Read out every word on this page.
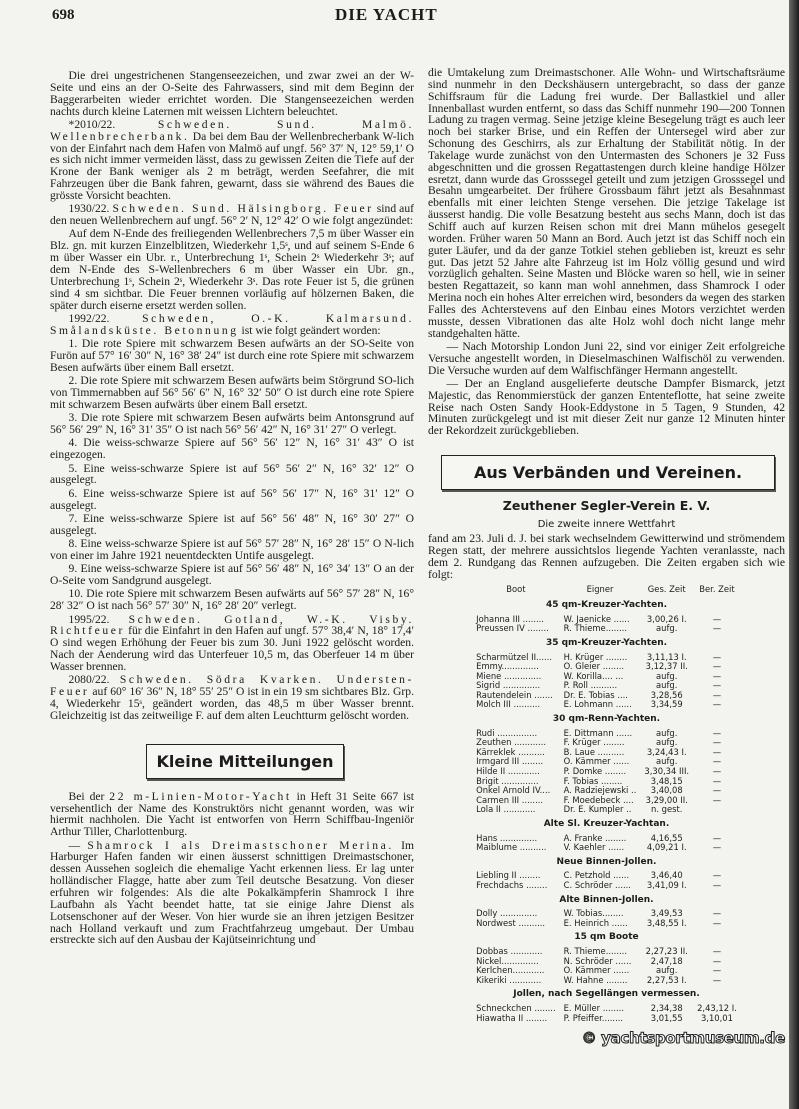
698	DIE YACHT

Die drei ungestrichenen Stangenseezeichen, und zwar zwei an der W-Seite und eins an der O-Seite des Fahrwassers, sind mit dem Beginn der Baggerarbeiten wieder errichtet worden. Die Stangenseezeichen werden nachts durch kleine Laternen mit weissen Lichtern beleuchtet.

*2010/22. Schweden. Sund. Malmö. Wellenbrecherbank. Da bei dem Bau der Wellenbrecherbank W-lich von der Einfahrt nach dem Hafen von Malmö auf ungf. 56° 37′ N, 12° 59,1′ O es sich nicht immer vermeiden lässt, dass zu gewissen Zeiten die Tiefe auf der Krone der Bank weniger als 2 m beträgt, werden Seefahrer, die mit Fahrzeugen über die Bank fahren, gewarnt, dass sie während des Baues die grösste Vorsicht beachten.

1930/22. Schweden. Sund. Hälsingborg. Feuer sind auf den neuen Wellenbrechern auf ungf. 56° 2′ N, 12° 42′ O wie folgt angezündet:

Auf dem N-Ende des freiliegenden Wellenbrechers 7,5 m über Wasser ein Blz. gn. mit kurzen Einzelblitzen, Wiederkehr 1,5ˢ, und auf seinem S-Ende 6 m über Wasser ein Ubr. r., Unterbrechung 1ˢ, Schein 2ˢ Wiederkehr 3ˢ; auf dem N-Ende des S-Wellenbrechers 6 m über Wasser ein Ubr. gn., Unterbrechung 1ˢ, Schein 2ˢ, Wiederkehr 3ˢ. Das rote Feuer ist 5, die grünen sind 4 sm sichtbar. Die Feuer brennen vorläufig auf hölzernen Baken, die später durch eiserne ersetzt werden sollen.

1992/22. Schweden, O.-K. Kalmarsund. Smålandsküste. Betonnung ist wie folgt geändert worden:

1. Die rote Spiere mit schwarzem Besen aufwärts an der SO-Seite von Furön auf 57° 16′ 30″ N, 16° 38′ 24″ ist durch eine rote Spiere mit schwarzem Besen aufwärts über einem Ball ersetzt.

2. Die rote Spiere mit schwarzem Besen aufwärts beim Störgrund SO-lich von Timmernabben auf 56° 56′ 6″ N, 16° 32′ 50″ O ist durch eine rote Spiere mit schwarzem Besen aufwärts über einem Ball ersetzt.

3. Die rote Spiere mit schwarzem Besen aufwärts beim Antonsgrund auf 56° 56′ 29″ N, 16° 31′ 35″ O ist nach 56° 56′ 42″ N, 16° 31′ 27″ O verlegt.

4. Die weiss-schwarze Spiere auf 56° 56′ 12″ N, 16° 31′ 43″ O ist eingezogen.

5. Eine weiss-schwarze Spiere ist auf 56° 56′ 2″ N, 16° 32′ 12″ O ausgelegt.

6. Eine weiss-schwarze Spiere ist auf 56° 56′ 17″ N, 16° 31′ 12″ O ausgelegt.

7. Eine weiss-schwarze Spiere ist auf 56° 56′ 48″ N, 16° 30′ 27″ O ausgelegt.

8. Eine weiss-schwarze Spiere ist auf 56° 57′ 28″ N, 16° 28′ 15″ O N-lich von einer im Jahre 1921 neuentdeckten Untife ausgelegt.

9. Eine weiss-schwarze Spiere ist auf 56° 56′ 48″ N, 16° 34′ 13″ O an der O-Seite vom Sandgrund ausgelegt.

10. Die rote Spiere mit schwarzem Besen aufwärts auf 56° 57′ 28″ N, 16° 28′ 32″ O ist nach 56° 57′ 30″ N, 16° 28′ 20″ verlegt.

1995/22. Schweden. Gotland, W.-K. Visby. Richtfeuer für die Einfahrt in den Hafen auf ungf. 57° 38,4′ N, 18° 17,4′ O sind wegen Erhöhung der Feuer bis zum 30. Juni 1922 gelöscht worden. Nach der Aenderung wird das Unterfeuer 10,5 m, das Oberfeuer 14 m über Wasser brennen.

2080/22. Schweden. Södra Kvarken. Understen-Feuer auf 60° 16′ 36″ N, 18° 55′ 25″ O ist in ein 19 sm sichtbares Blz. Grp. 4, Wiederkehr 15ˢ, geändert worden, das 48,5 m über Wasser brennt. Gleichzeitig ist das zeitweilige F. auf dem alten Leuchtturm gelöscht worden.

Kleine Mitteilungen

Bei der 22 m-Linien-Motor-Yacht in Heft 31 Seite 667 ist versehentlich der Name des Konstruktörs nicht genannt worden, was wir hiermit nachholen. Die Yacht ist entworfen von Herrn Schiffbau-Ingeniör Arthur Tiller, Charlottenburg.

— Shamrock I als Dreimastschoner Merina. Im Harburger Hafen fanden wir einen äusserst schnittigen Dreimastschoner, dessen Aussehen sogleich die ehemalige Yacht erkennen liess. Er lag unter holländischer Flagge, hatte aber zum Teil deutsche Besatzung. Von dieser erfuhren wir folgendes: Als die alte Pokalkämpferin Shamrock I ihre Laufbahn als Yacht beendet hatte, tat sie einige Jahre Dienst als Lotsenschoner auf der Weser. Von hier wurde sie an ihren jetzigen Besitzer nach Holland verkauft und zum Frachtfahrzeug umgebaut. Der Umbau erstreckte sich auf den Ausbau der Kajütseinrichtung und

die Umtakelung zum Dreimastschoner. Alle Wohn- und Wirtschaftsräume sind nunmehr in den Deckshäusern untergebracht, so dass der ganze Schiffsraum für die Ladung frei wurde. Der Ballastkiel und aller Innenballast wurden entfernt, so dass das Schiff nunmehr 190—200 Tonnen Ladung zu tragen vermag. Seine jetzige kleine Besegelung trägt es auch leer noch bei starker Brise, und ein Reffen der Untersegel wird aber zur Schonung des Geschirrs, als zur Erhaltung der Stabilität nötig. In der Takelage wurde zunächst von den Untermasten des Schoners je 32 Fuss abgeschnitten und die grossen Regattastengen durch kleine handige Hölzer esretzt, dann wurde das Grosssegel geteilt und zum jetzigen Grosssegel und Besahn umgearbeitet. Der frühere Grossbaum fährt jetzt als Besahnmast ebenfalls mit einer leichten Stenge versehen. Die jetzige Takelage ist äusserst handig. Die volle Besatzung besteht aus sechs Mann, doch ist das Schiff auch auf kurzen Reisen schon mit drei Mann mühelos gesegelt worden. Früher waren 50 Mann an Bord. Auch jetzt ist das Schiff noch ein guter Läufer, und da der ganze Totkiel stehen geblieben ist, kreuzt es sehr gut. Das jetzt 52 Jahre alte Fahrzeug ist im Holz völlig gesund und wird vorzüglich gehalten. Seine Masten und Blöcke waren so hell, wie in seiner besten Regattazeit, so kann man wohl annehmen, dass Shamrock I oder Merina noch ein hohes Alter erreichen wird, besonders da wegen des starken Falles des Achterstevens auf den Einbau eines Motors verzichtet werden musste, dessen Vibrationen das alte Holz wohl doch nicht lange mehr standgehalten hätte.

— Nach Motorship London Juni 22, sind vor einiger Zeit erfolgreiche Versuche angestellt worden, in Dieselmaschinen Walfischöl zu verwenden. Die Versuche wurden auf dem Walfischfänger Hermann angestellt.

— Der an England ausgelieferte deutsche Dampfer Bismarck, jetzt Majestic, das Renommierstück der ganzen Ententeflotte, hat seine zweite Reise nach Osten Sandy Hook-Eddystone in 5 Tagen, 9 Stunden, 42 Minuten zurückgelegt und ist mit dieser Zeit nur ganze 12 Minuten hinter der Rekordzeit zurückgeblieben.

Aus Verbänden und Vereinen.
Zeuthener Segler-Verein E. V.
Die zweite innere Wettfahrt

fand am 23. Juli d. J. bei stark wechselndem Gewitterwind und strömendem Regen statt, der mehrere aussichtslos liegende Yachten veranlasste, nach dem 2. Rundgang das Rennen aufzugeben. Die Zeiten ergaben sich wie folgt:

Boot	Eigner	Ges. Zeit	Ber. Zeit
45 qm-Kreuzer-Yachten.			
Johanna III ........	W. Jaenicke ......	3,00,26 I.	—
Preussen IV ........	R. Thieme........	aufg.	—
35 qm-Kreuzer-Yachten.			
Scharmützel II......	H. Krüger ........	3,11,13 I.	—
Emmy..............	O. Gleier ........	3,12,37 II.	—
Miene ..............	W. Korilla.... ...	aufg.	—
Sigrid ..............	P. Roll ..........	aufg.	—
Rautendelein .......	Dr. E. Tobias ....	3,28,56	—
Molch III ..........	E. Lohmann ......	3,34,59	—
30 qm-Renn-Yachten.			
Rudi ...............	E. Dittmann ......	aufg.	—
Zeuthen ............	F. Krüger ........	aufg.	—
Kärreklek ..........	B. Laue ..........	3,24,43 I.	—
Irmgard III ........	O. Kämmer ......	aufg.	—
Hilde II ............	P. Domke ........	3,30,34 III.	—
Brigit ..............	F. Tobias ........	3,48,15	—
Onkel Arnold IV....	A. Radziejewski ..	3,40,08	—
Carmen III ........	F. Moedebeck ....	3,29,00 II.	—
Lola II ............	Dr. E. Kumpler ..	n. gest.	
Alte Sl. Kreuzer-Yachtan.			
Hans ..............	A. Franke ........	4,16,55	—
Maiblume ..........	V. Kaehler ......	4,09,21 I.	—
Neue Binnen-Jollen.			
Liebling II ........	C. Petzhold ......	3,46,40	—
Frechdachs ........	C. Schröder ......	3,41,09 I.	—
Alte Binnen-Jollen.			
Dolly ..............	W. Tobias........	3,49,53	—
Nordwest ..........	E. Heinrich ......	3,48,55 I.	—
15 qm Boote			
Dobbas ............	R. Thieme........	2,27,23 II.	—
Nickel..............	N. Schröder ......	2,47,18	—
Kerlchen............	O. Kämmer ......	aufg.	—
Kikeriki ............	W. Hahne ........	2,27,53 I.	—
Jollen, nach Segellängen vermessen.			
Schneckchen ........	E. Müller ........	2,34,38	2,43,12 I.
Hiawatha II ........	P. Pfeiffer........	3,01,55	3,10,01
© yachtsportmuseum.de
